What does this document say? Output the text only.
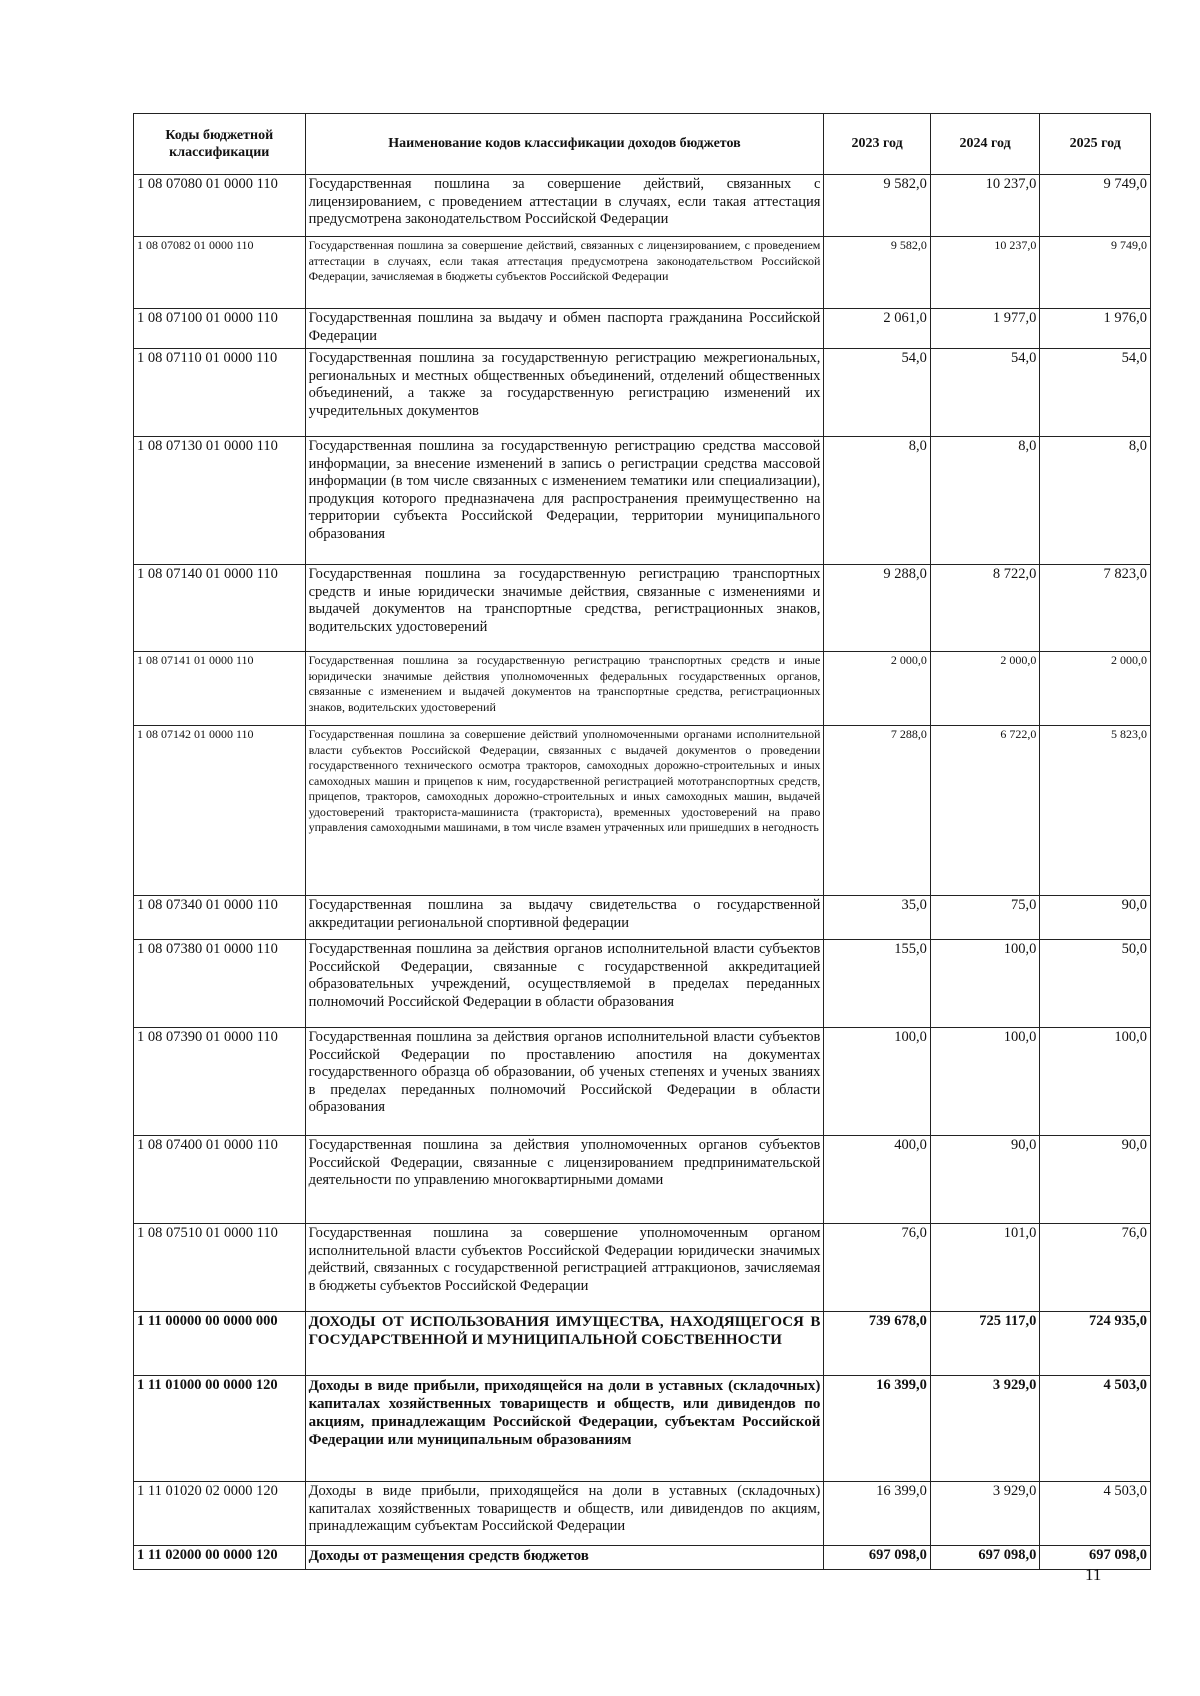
Коды бюджетной классификации	Наименование кодов классификации доходов бюджетов	2023 год	2024 год	2025 год
1 08 07080 01 0000 110	Государственная пошлина за совершение действий, связанных с лицензированием, с проведением аттестации в случаях, если такая аттестация предусмотрена законодательством Российской Федерации	9 582,0	10 237,0	9 749,0
1 08 07082 01 0000 110	Государственная пошлина за совершение действий, связанных с лицензированием, с проведением аттестации в случаях, если такая аттестация предусмотрена законодательством Российской Федерации, зачисляемая в бюджеты субъектов Российской Федерации	9 582,0	10 237,0	9 749,0
1 08 07100 01 0000 110	Государственная пошлина за выдачу и обмен паспорта гражданина Российской Федерации	2 061,0	1 977,0	1 976,0
1 08 07110 01 0000 110	Государственная пошлина за государственную регистрацию межрегиональных, региональных и местных общественных объединений, отделений общественных объединений, а также за государственную регистрацию изменений их учредительных документов	54,0	54,0	54,0
1 08 07130 01 0000 110	Государственная пошлина за государственную регистрацию средства массовой информации, за внесение изменений в запись о регистрации средства массовой информации (в том числе связанных с изменением тематики или специализации), продукция которого предназначена для распространения преимущественно на территории субъекта Российской Федерации, территории муниципального образования	8,0	8,0	8,0
1 08 07140 01 0000 110	Государственная пошлина за государственную регистрацию транспортных средств и иные юридически значимые действия, связанные с изменениями и выдачей документов на транспортные средства, регистрационных знаков, водительских удостоверений	9 288,0	8 722,0	7 823,0
1 08 07141 01 0000 110	Государственная пошлина за государственную регистрацию транспортных средств и иные юридически значимые действия уполномоченных федеральных государственных органов, связанные с изменением и выдачей документов на транспортные средства, регистрационных знаков, водительских удостоверений	2 000,0	2 000,0	2 000,0
1 08 07142 01 0000 110	Государственная пошлина за совершение действий уполномоченными органами исполнительной власти субъектов Российской Федерации, связанных с выдачей документов о проведении государственного технического осмотра тракторов, самоходных дорожно-строительных и иных самоходных машин и прицепов к ним, государственной регистрацией мототранспортных средств, прицепов, тракторов, самоходных дорожно-строительных и иных самоходных машин, выдачей удостоверений тракториста-машиниста (тракториста), временных удостоверений на право управления самоходными машинами, в том числе взамен утраченных или пришедших в негодность	7 288,0	6 722,0	5 823,0
1 08 07340 01 0000 110	Государственная пошлина за выдачу свидетельства о государственной аккредитации региональной спортивной федерации	35,0	75,0	90,0
1 08 07380 01 0000 110	Государственная пошлина за действия органов исполнительной власти субъектов Российской Федерации, связанные с государственной аккредитацией образовательных учреждений, осуществляемой в пределах переданных полномочий Российской Федерации в области образования	155,0	100,0	50,0
1 08 07390 01 0000 110	Государственная пошлина за действия органов исполнительной власти субъектов Российской Федерации по проставлению апостиля на документах государственного образца об образовании, об ученых степенях и ученых званиях в пределах переданных полномочий Российской Федерации в области образования	100,0	100,0	100,0
1 08 07400 01 0000 110	Государственная пошлина за действия уполномоченных органов субъектов Российской Федерации, связанные с лицензированием предпринимательской деятельности по управлению многоквартирными домами	400,0	90,0	90,0
1 08 07510 01 0000 110	Государственная пошлина за совершение уполномоченным органом исполнительной власти субъектов Российской Федерации юридически значимых действий, связанных с государственной регистрацией аттракционов, зачисляемая в бюджеты субъектов Российской Федерации	76,0	101,0	76,0
1 11 00000 00 0000 000	ДОХОДЫ ОТ ИСПОЛЬЗОВАНИЯ ИМУЩЕСТВА, НАХОДЯЩЕГОСЯ В ГОСУДАРСТВЕННОЙ И МУНИЦИПАЛЬНОЙ СОБСТВЕННОСТИ	739 678,0	725 117,0	724 935,0
1 11 01000 00 0000 120	Доходы в виде прибыли, приходящейся на доли в уставных (складочных) капиталах хозяйственных товариществ и обществ, или дивидендов по акциям, принадлежащим Российской Федерации, субъектам Российской Федерации или муниципальным образованиям	16 399,0	3 929,0	4 503,0
1 11 01020 02 0000 120	Доходы в виде прибыли, приходящейся на доли в уставных (складочных) капиталах хозяйственных товариществ и обществ, или дивидендов по акциям, принадлежащим субъектам Российской Федерации	16 399,0	3 929,0	4 503,0
1 11 02000 00 0000 120	Доходы от размещения средств бюджетов	697 098,0	697 098,0	697 098,0
11
